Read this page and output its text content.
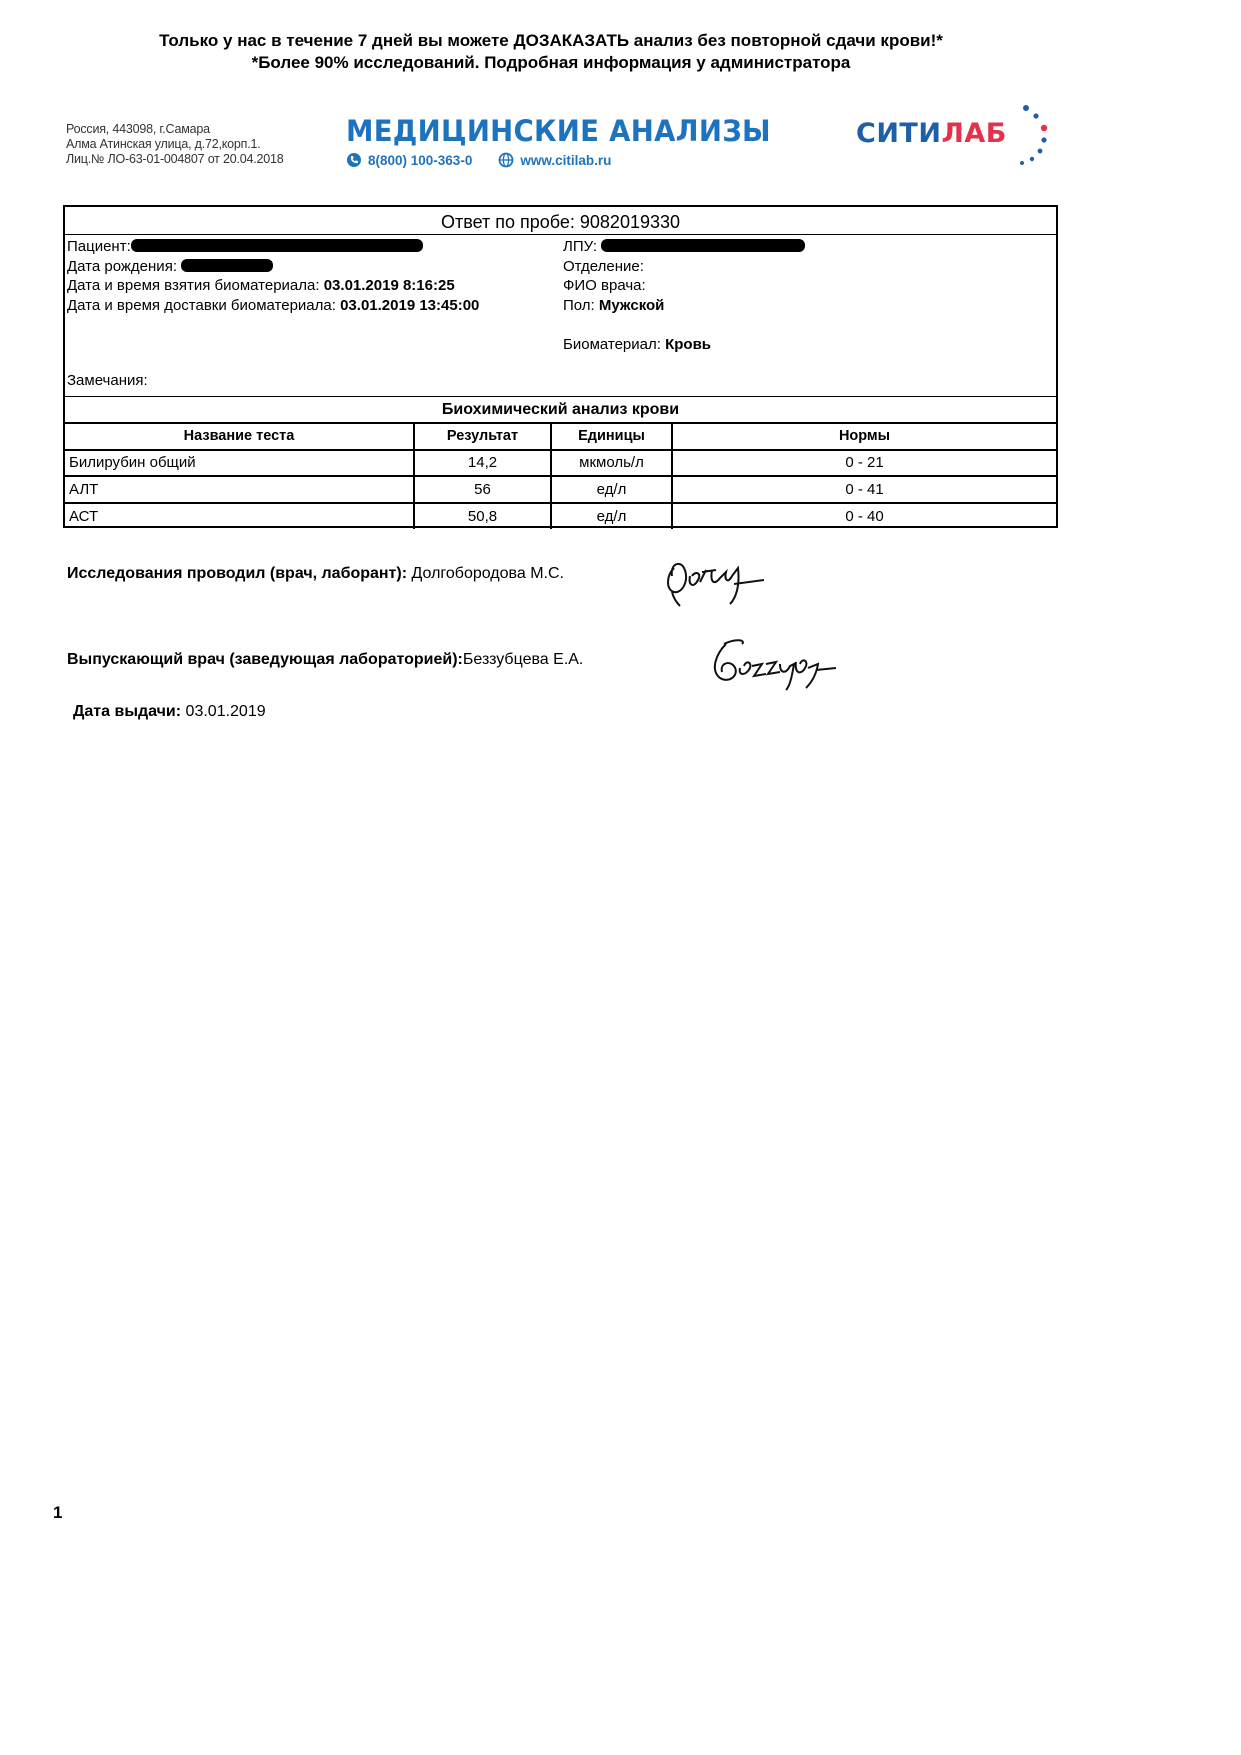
Только у нас в течение 7 дней вы можете ДОЗАКАЗАТЬ анализ без повторной сдачи крови!*
*Более 90% исследований. Подробная информация у администратора
Россия, 443098, г.Самара
Алма Атинская улица, д.72,корп.1.
Лиц.№ ЛО-63-01-004807 от 20.04.2018
МЕДИЦИНСКИЕ АНАЛИЗЫ
8(800) 100-363-0	www.citilab.ru
СИТИЛАБ
Ответ по пробе: 9082019330
Пациент:
Дата рождения:
Дата и время взятия биоматериала: 03.01.2019 8:16:25
Дата и время доставки биоматериала: 03.01.2019 13:45:00
Замечания:
ЛПУ:
Отделение:
ФИО врача:
Пол: Мужской
Биоматериал: Кровь
Биохимический анализ крови
Название теста	Результат	Единицы	Нормы
Билирубин общий	14,2	мкмоль/л	0 - 21
АЛТ	56	ед/л	0 - 41
АСТ	50,8	ед/л	0 - 40
Исследования проводил (врач, лаборант): Долгобородова М.С.
Выпускающий врач (заведующая лабораторией):Беззубцева Е.А.
Дата выдачи: 03.01.2019
1
